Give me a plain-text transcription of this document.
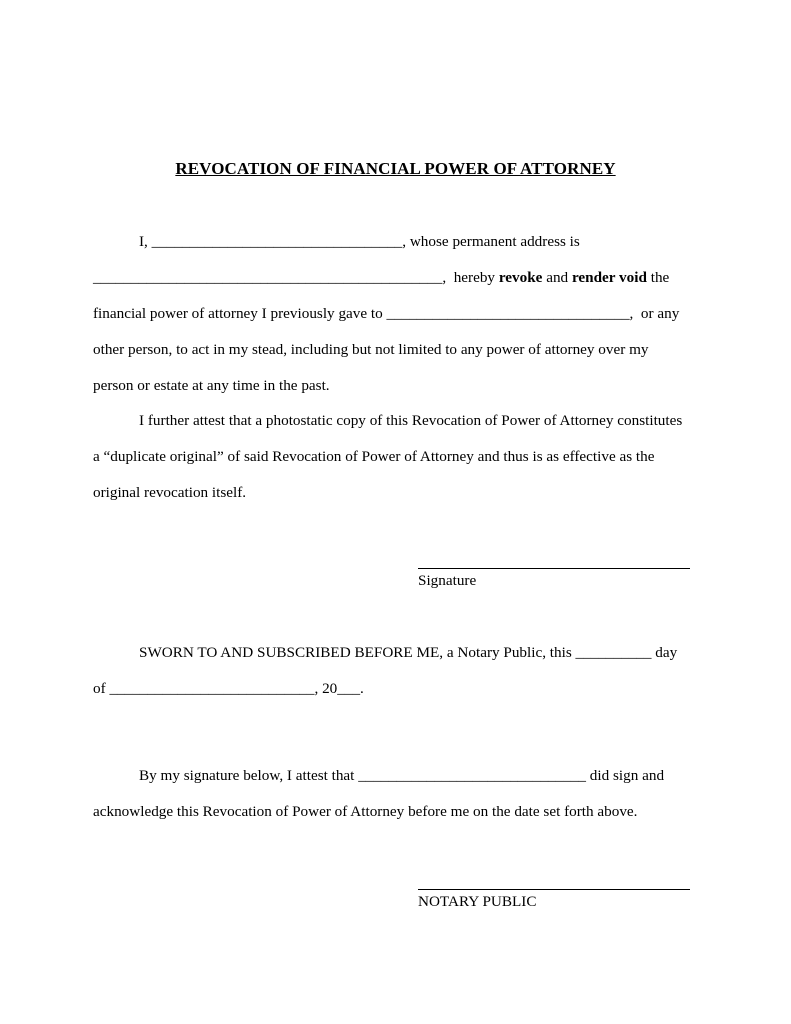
REVOCATION OF FINANCIAL POWER OF ATTORNEY
I, _________________________________, whose permanent address is
______________________________________________,  hereby revoke and render void the
financial power of attorney I previously gave to ________________________________,  or any
other person, to act in my stead, including but not limited to any power of attorney over my
person or estate at any time in the past.
I further attest that a photostatic copy of this Revocation of Power of Attorney constitutes
a “duplicate original” of said Revocation of Power of Attorney and thus is as effective as the
original revocation itself.
Signature
SWORN TO AND SUBSCRIBED BEFORE ME, a Notary Public, this __________ day
of ___________________________, 20___.
By my signature below, I attest that ______________________________ did sign and
acknowledge this Revocation of Power of Attorney before me on the date set forth above.
NOTARY PUBLIC
